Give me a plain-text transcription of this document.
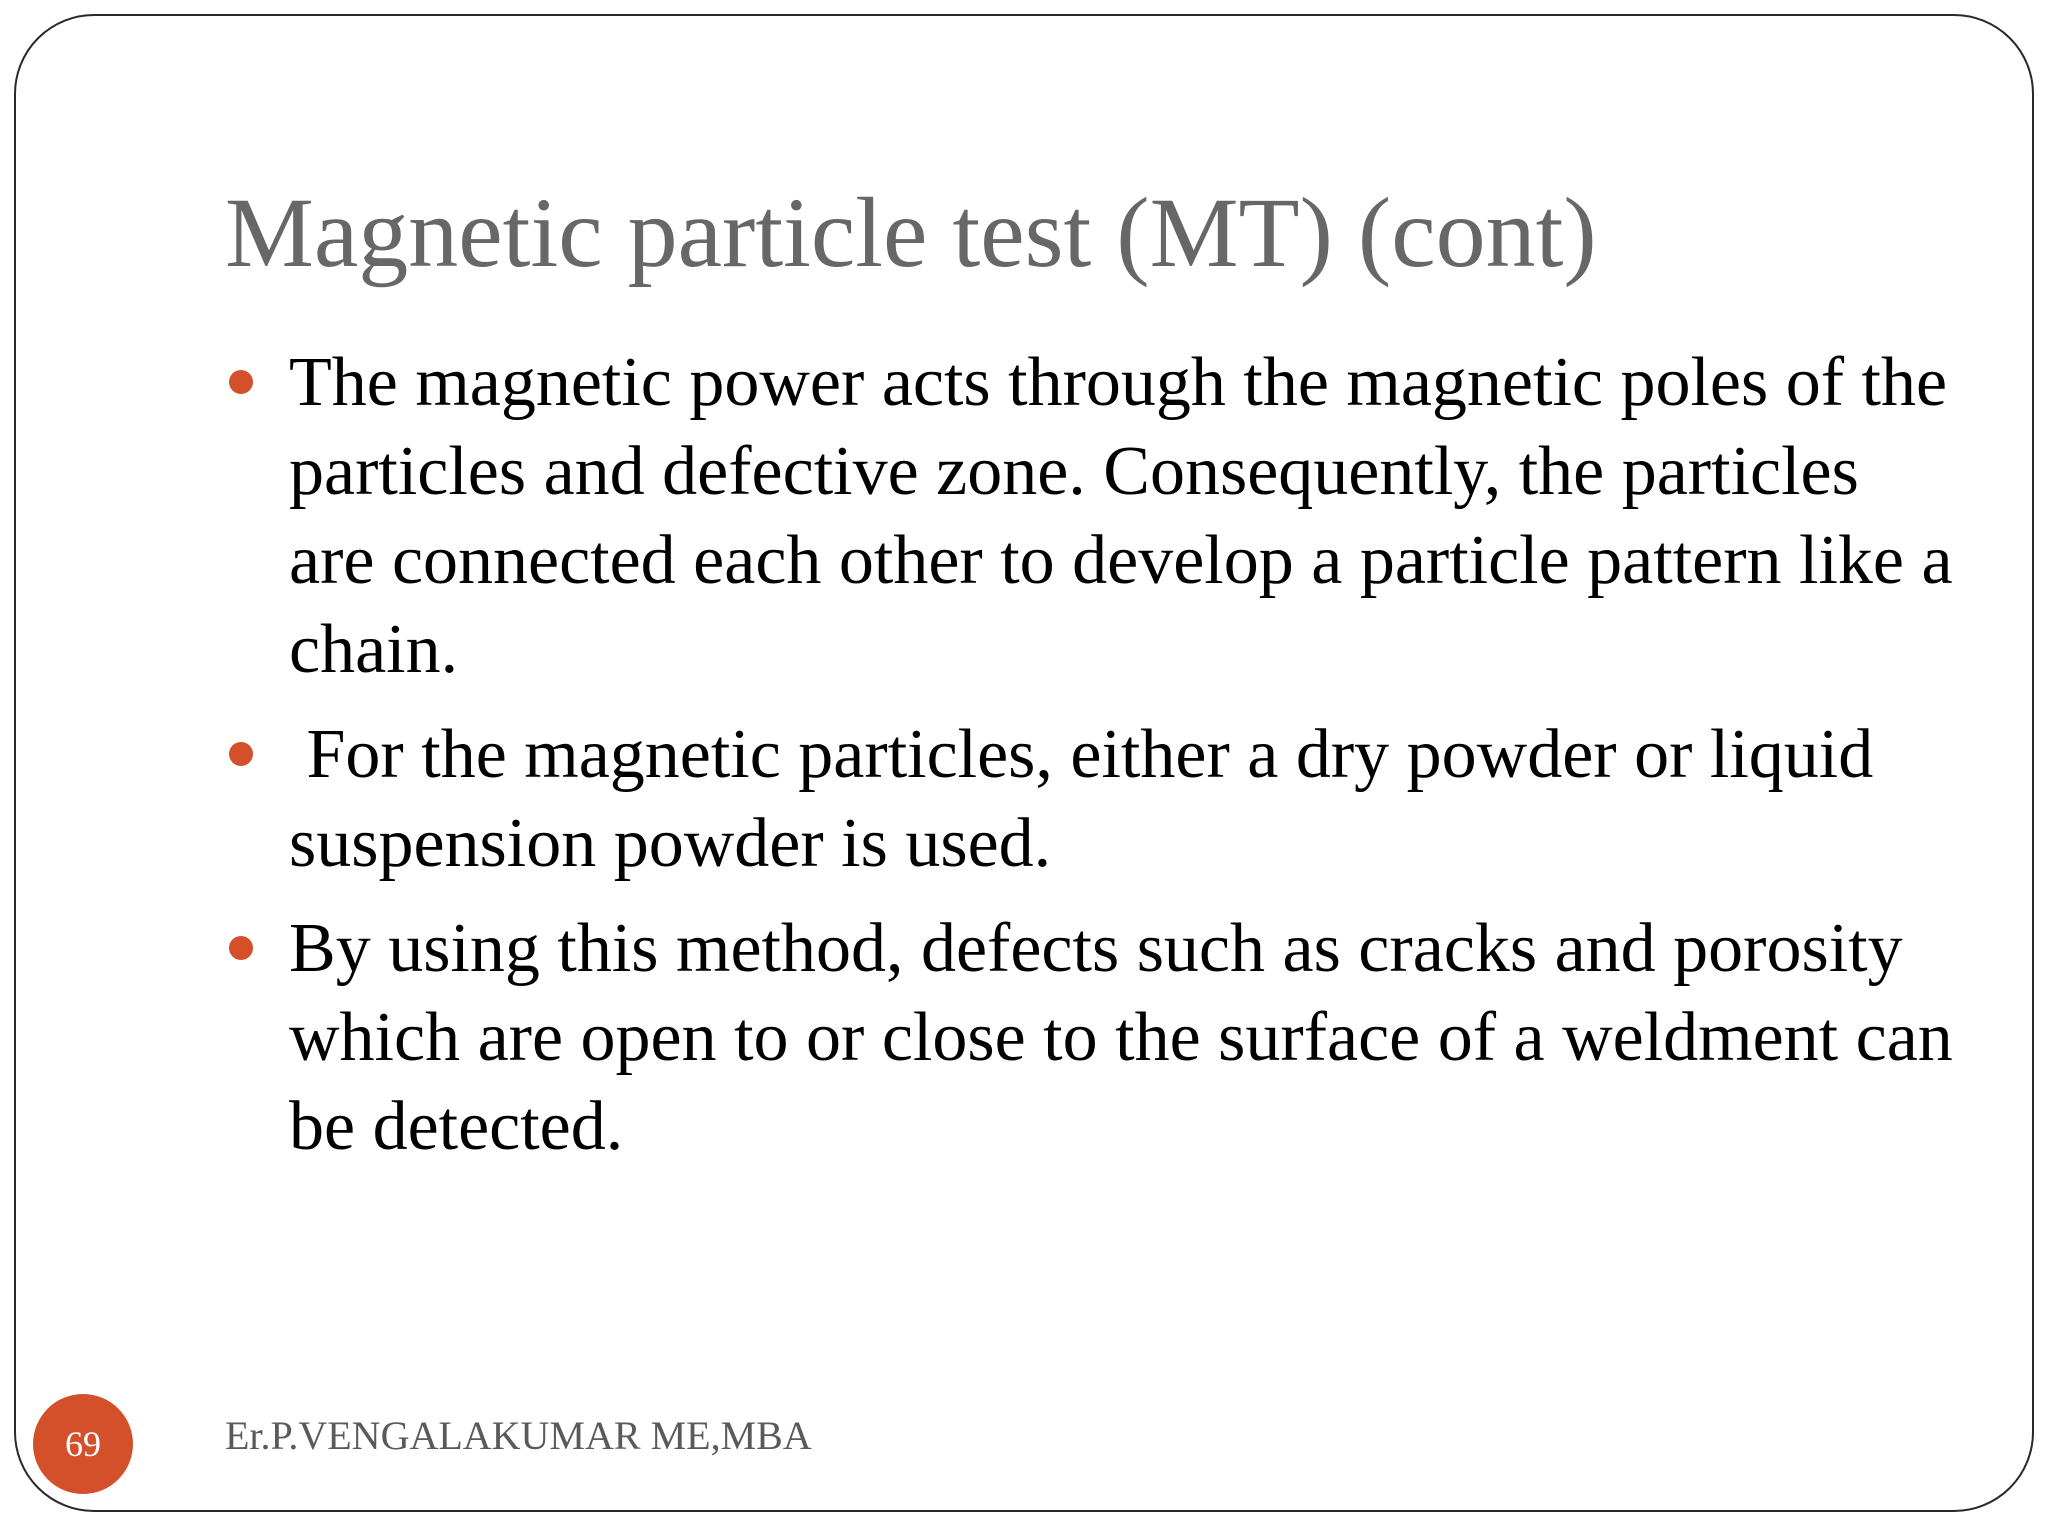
Magnetic particle test (MT) (cont)
The magnetic power acts through the magnetic poles of the particles and defective zone. Consequently, the particles are connected each other to develop a particle pattern like a chain.
For the magnetic particles, either a dry powder or liquid suspension powder is used.
By using this method, defects such as cracks and porosity which are open to or close to the surface of a weldment can be detected.
69	Er.P.VENGALAKUMAR ME,MBA
